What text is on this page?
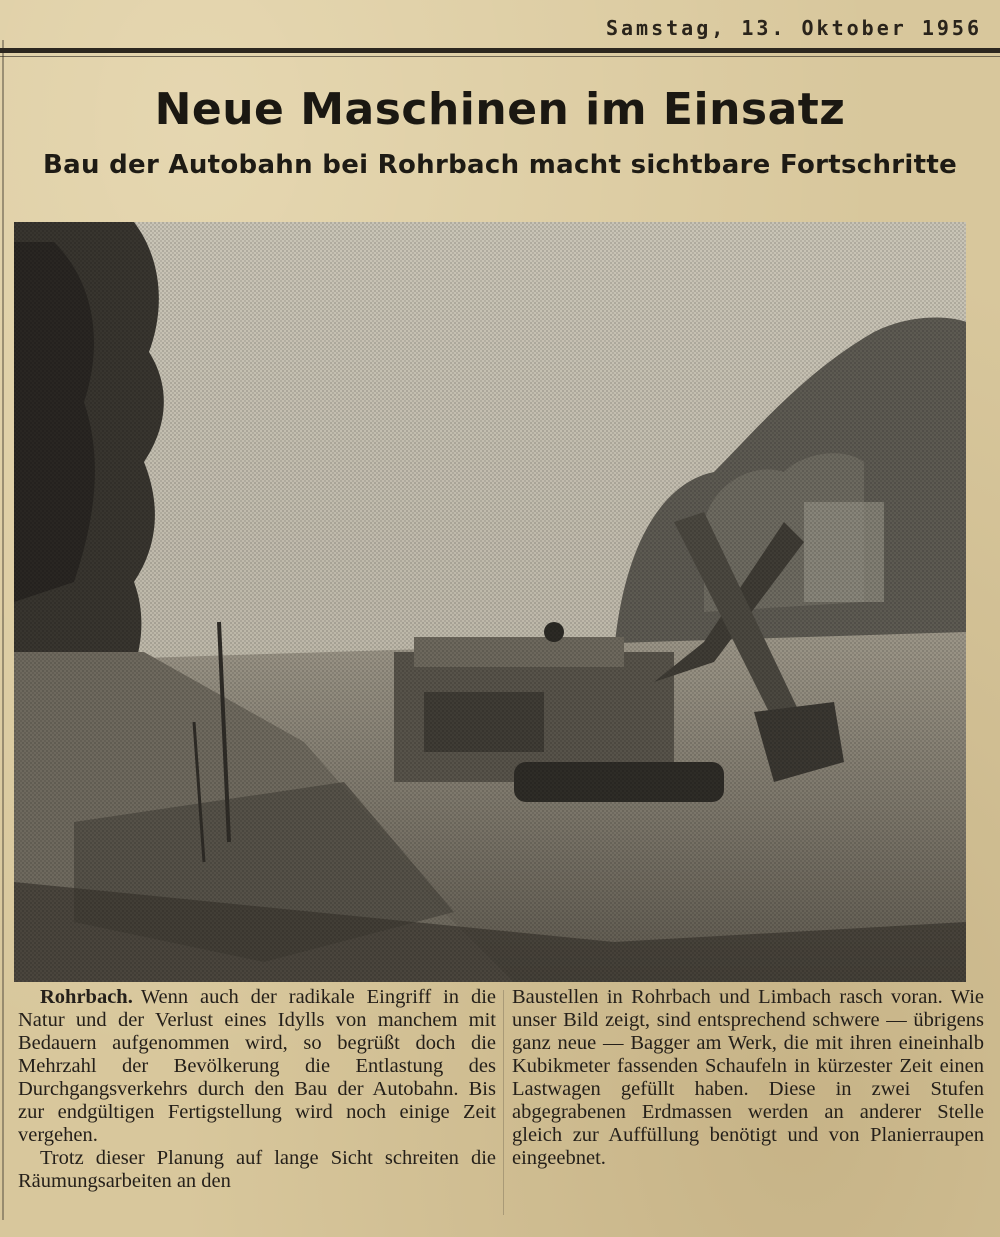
Samstag, 13. Oktober 1956
Neue Maschinen im Einsatz
Bau der Autobahn bei Rohrbach macht sichtbare Fortschritte

Rohrbach. Wenn auch der radikale Eingriff in die Natur und der Verlust eines Idylls von manchem mit Bedauern aufgenommen wird, so begrüßt doch die Mehrzahl der Bevölkerung die Entlastung des Durchgangsverkehrs durch den Bau der Autobahn. Bis zur endgültigen Fertigstellung wird noch einige Zeit vergehen.

Trotz dieser Planung auf lange Sicht schreiten die Räumungsarbeiten an den

Baustellen in Rohrbach und Limbach rasch voran. Wie unser Bild zeigt, sind entsprechend schwere — übrigens ganz neue — Bagger am Werk, die mit ihren eineinhalb Kubikmeter fassenden Schaufeln in kürzester Zeit einen Lastwagen gefüllt haben. Diese in zwei Stufen abgegrabenen Erdmassen werden an anderer Stelle gleich zur Auffüllung benötigt und von Planierraupen eingeebnet.
